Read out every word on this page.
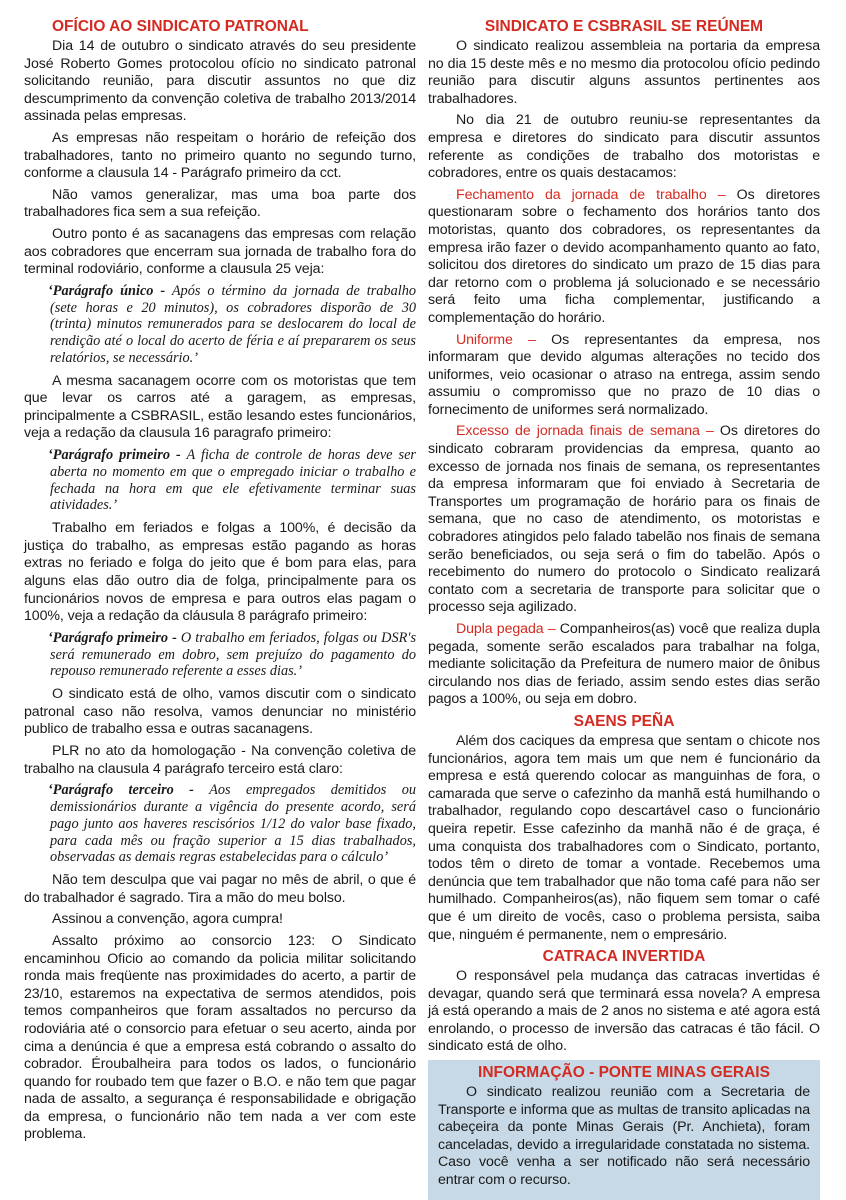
OFÍCIO AO SINDICATO PATRONAL

Dia 14 de outubro o sindicato através do seu presidente José Roberto Gomes protocolou ofício no sindicato patronal solicitando reunião, para discutir assuntos no que diz descumprimento da convenção coletiva de trabalho 2013/2014 assinada pelas empresas.

As empresas não respeitam o horário de refeição dos trabalhadores, tanto no primeiro quanto no segundo turno, conforme a clausula 14 - Parágrafo primeiro da cct.

Não vamos generalizar, mas uma boa parte dos trabalhadores fica sem a sua refeição.

Outro ponto é as sacanagens das empresas com relação aos cobradores que encerram sua jornada de trabalho fora do terminal rodoviário, conforme a clausula 25 veja:

‘Parágrafo único - Após o término da jornada de trabalho (sete horas e 20 minutos), os cobradores disporão de 30 (trinta) minutos remunerados para se deslocarem do local de rendição até o local do acerto de féria e aí prepararem os seus relatórios, se necessário.’

A mesma sacanagem ocorre com os motoristas que tem que levar os carros até a garagem, as empresas, principalmente a CSBRASIL, estão lesando estes funcionários, veja a redação da clausula 16 paragrafo primeiro:

‘Parágrafo primeiro - A ficha de controle de horas deve ser aberta no momento em que o empregado iniciar o trabalho e fechada na hora em que ele efetivamente terminar suas atividades.’

Trabalho em feriados e folgas a 100%, é decisão da justiça do trabalho, as empresas estão pagando as horas extras no feriado e folga do jeito que é bom para elas, para alguns elas dão outro dia de folga, principalmente para os funcionários novos de empresa e para outros elas pagam o 100%, veja a redação da cláusula 8 parágrafo primeiro:

‘Parágrafo primeiro - O trabalho em feriados, folgas ou DSR's será remunerado em dobro, sem prejuízo do pagamento do repouso remunerado referente a esses dias.’

O sindicato está de olho, vamos discutir com o sindicato patronal caso não resolva, vamos denunciar no ministério publico de trabalho essa e outras sacanagens.

PLR no ato da homologação - Na convenção coletiva de trabalho na clausula 4 parágrafo terceiro está claro:

‘Parágrafo terceiro - Aos empregados demitidos ou demissionários durante a vigência do presente acordo, será pago junto aos haveres rescisórios 1/12 do valor base fixado, para cada mês ou fração superior a 15 dias trabalhados, observadas as demais regras estabelecidas para o cálculo’

Não tem desculpa que vai pagar no mês de abril, o que é do trabalhador é sagrado. Tira a mão do meu bolso.

Assinou a convenção, agora cumpra!

Assalto próximo ao consorcio 123: O Sindicato encaminhou Oficio ao comando da policia militar solicitando ronda mais freqüente nas proximidades do acerto, a partir de 23/10, estaremos na expectativa de sermos atendidos, pois temos companheiros que foram assaltados no percurso da rodoviária até o consorcio para efetuar o seu acerto, ainda por cima a denúncia é que a empresa está cobrando o assalto do cobrador. Éroubalheira para todos os lados, o funcionário quando for roubado tem que fazer o B.O. e não tem que pagar nada de assalto, a segurança é responsabilidade e obrigação da empresa, o funcionário não tem nada a ver com este problema.

SINDICATO E CSBRASIL SE REÚNEM

O sindicato realizou assembleia na portaria da empresa no dia 15 deste mês e no mesmo dia protocolou ofício pedindo reunião para discutir alguns assuntos pertinentes aos trabalhadores.

No dia 21 de outubro reuniu-se representantes da empresa e diretores do sindicato para discutir assuntos referente as condições de trabalho dos motoristas e cobradores, entre os quais destacamos:

Fechamento da jornada de trabalho – Os diretores questionaram sobre o fechamento dos horários tanto dos motoristas, quanto dos cobradores, os representantes da empresa irão fazer o devido acompanhamento quanto ao fato, solicitou dos diretores do sindicato um prazo de 15 dias para dar retorno com o problema já solucionado e se necessário será feito uma ficha complementar, justificando a complementação do horário.

Uniforme – Os representantes da empresa, nos informaram que devido algumas alterações no tecido dos uniformes, veio ocasionar o atraso na entrega, assim sendo assumiu o compromisso que no prazo de 10 dias o fornecimento de uniformes será normalizado.

Excesso de jornada finais de semana – Os diretores do sindicato cobraram providencias da empresa, quanto ao excesso de jornada nos finais de semana, os representantes da empresa informaram que foi enviado à Secretaria de Transportes um programação de horário para os finais de semana, que no caso de atendimento, os motoristas e cobradores atingidos pelo falado tabelão nos finais de semana serão beneficiados, ou seja será o fim do tabelão. Após o recebimento do numero do protocolo o Sindicato realizará contato com a secretaria de transporte para solicitar que o processo seja agilizado.

Dupla pegada – Companheiros(as) você que realiza dupla pegada, somente serão escalados para trabalhar na folga, mediante solicitação da Prefeitura de numero maior de ônibus circulando nos dias de feriado, assim sendo estes dias serão pagos a 100%, ou seja em dobro.

SAENS PEÑA

Além dos caciques da empresa que sentam o chicote nos funcionários, agora tem mais um que nem é funcionário da empresa e está querendo colocar as manguinhas de fora, o camarada que serve o cafezinho da manhã está humilhando o trabalhador, regulando copo descartável caso o funcionário queira repetir. Esse cafezinho da manhã não é de graça, é uma conquista dos trabalhadores com o Sindicato, portanto, todos têm o direto de tomar a vontade. Recebemos uma denúncia que tem trabalhador que não toma café para não ser humilhado. Companheiros(as), não fiquem sem tomar o café que é um direito de vocês, caso o problema persista, saiba que, ninguém é permanente, nem o empresário.

CATRACA INVERTIDA

O responsável pela mudança das catracas invertidas é devagar, quando será que terminará essa novela? A empresa já está operando a mais de 2 anos no sistema e até agora está enrolando, o processo de inversão das catracas é tão fácil. O sindicato está de olho.

INFORMAÇÃO - PONTE MINAS GERAIS

O sindicato realizou reunião com a Secretaria de Transporte e informa que as multas de transito aplicadas na cabeçeira da ponte Minas Gerais (Pr. Anchieta), foram canceladas, devido a irregularidade constatada no sistema. Caso você venha a ser notificado não será necessário entrar com o recurso.
